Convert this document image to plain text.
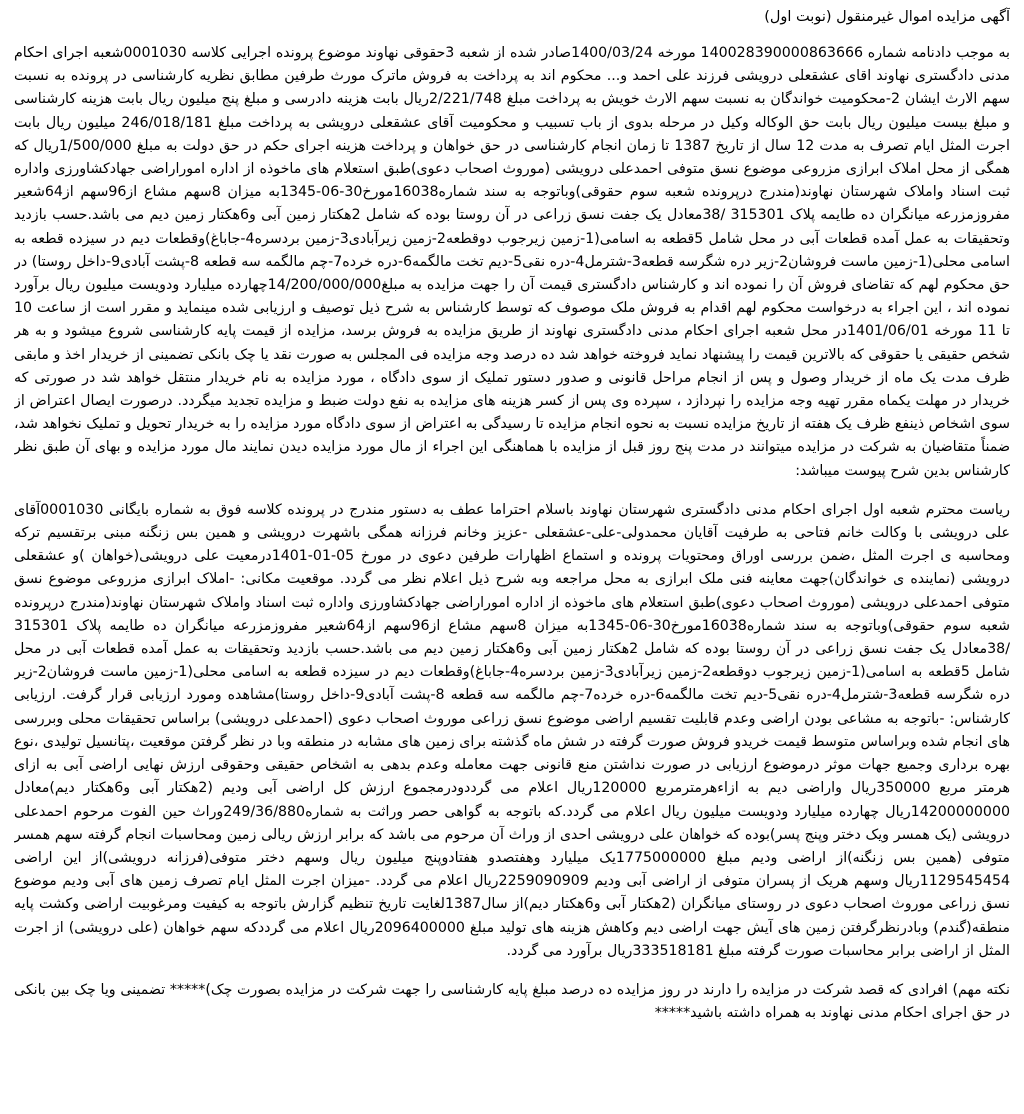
آگهی مزایده اموال غیرمنقول (نوبت اول)

به موجب دادنامه شماره 140028390000863666 مورخه 1400/03/24صادر شده از شعبه 3حقوقی نهاوند موضوع پرونده اجرایی کلاسه 0001030شعبه اجرای احکام مدنی دادگستری نهاوند اقای عشقعلی درویشی فرزند علی احمد و... محکوم اند به پرداخت به فروش ماترک مورث طرفین مطابق نظریه کارشناسی در پرونده به نسبت سهم الارث ایشان 2-محکومیت خواندگان به نسبت سهم الارث خویش به پرداخت مبلغ 2/221/748ریال بابت هزینه دادرسی و مبلغ پنج میلیون ریال بابت هزینه کارشناسی و مبلغ بیست میلیون ریال بابت حق الوکاله وکیل در مرحله بدوی از باب تسبیب و محکومیت آقای عشقعلی درویشی به پرداخت مبلغ 246/018/181 میلیون ریال بابت اجرت المثل ایام تصرف به مدت 12 سال از تاریخ 1387 تا زمان انجام کارشناسی در حق خواهان و پرداخت هزینه اجرای حکم در حق دولت به مبلغ 1/500/000ریال که همگی از محل املاک ابرازی مزروعی موضوع نسق متوفی احمدعلی درویشی (موروث اصحاب دعوی)طبق استعلام های ماخوذه از اداره اموراراضی جهادکشاورزی واداره ثبت اسناد واملاک شهرستان نهاوند(مندرج درپرونده شعبه سوم حقوقی)وباتوجه به سند شماره16038مورخ30-06-1345به میزان 8سهم مشاع از96سهم از64شعیر مفروزمزرعه میانگران ده طایمه پلاک 315301 /38معادل یک جفت نسق زراعی در آن روستا بوده که شامل 2هکتار زمین آبی و6هکتار زمین دیم می باشد.حسب بازدید وتحقیقات به عمل آمده قطعات آبی در محل شامل 5قطعه به اسامی(1-زمین زیرجوب دوقطعه2-زمین زیرآبادی3-زمین بردسره4-جاباغ)وقطعات دیم در سیزده قطعه به اسامی محلی(1-زمین ماست فروشان2-زیر دره شگرسه قطعه3-شترمل4-دره نقی5-دیم تخت مالگمه6-دره خرده7-چم مالگمه سه قطعه 8-پشت آبادی9-داخل روستا) در حق محکوم لهم که تقاضای فروش آن را نموده اند و کارشناس دادگستری قیمت آن را جهت مزایده به مبلغ14/200/000/000چهارده میلیارد ودویست میلیون ریال برآورد نموده اند ، این اجراء به درخواست محکوم لهم اقدام به فروش ملک موصوف که توسط کارشناس به شرح ذیل توصیف و ارزیابی شده مینماید و مقرر است از ساعت 10 تا 11 مورخه 1401/06/01در محل شعبه اجرای احکام مدنی دادگستری نهاوند از طریق مزایده به فروش برسد، مزایده از قیمت پایه کارشناسی شروع میشود و به هر شخص حقیقی یا حقوقی که بالاترین قیمت را پیشنهاد نماید فروخته خواهد شد ده درصد وجه مزایده فی المجلس به صورت نقد یا چک بانکی تضمینی از خریدار اخذ و مابقی ظرف مدت یک ماه از خریدار وصول و پس از انجام مراحل قانونی و صدور دستور تملیک از سوی دادگاه ، مورد مزایده به نام خریدار منتقل خواهد شد در صورتی که خریدار در مهلت یکماه مقرر تهیه وجه مزایده را نپردازد ، سپرده وی پس از کسر هزینه های مزایده به نفع دولت ضبط و مزایده تجدید میگردد. درصورت ایصال اعتراض از سوی اشخاص ذینفع ظرف یک هفته از تاریخ مزایده نسبت به نحوه انجام مزایده تا رسیدگی به اعتراض از سوی دادگاه مورد مزایده را به خریدار تحویل و تملیک نخواهد شد، ضمناً متقاضیان به شرکت در مزایده میتوانند در مدت پنج روز قبل از مزایده با هماهنگی این اجراء از مال مورد مزایده دیدن نمایند مال مورد مزایده و بهای آن طبق نظر کارشناس بدین شرح پیوست میباشد:

ریاست محترم شعبه اول اجرای احکام مدنی دادگستری شهرستان نهاوند باسلام احتراما عطف به دستور مندرج در پرونده کلاسه فوق به شماره بایگانی 0001030آقای علی درویشی با وکالت خانم فتاحی به طرفیت آقایان محمدولی-علی-عشقعلی -عزیز وخانم فرزانه همگی باشهرت درویشی و همین بس زنگنه مبنی برتقسیم ترکه ومحاسبه ی اجرت المثل ،ضمن بررسی اوراق ومحتویات پرونده و استماع اظهارات طرفین دعوی در مورخ 05-01-1401درمعیت علی درویشی(خواهان )و عشقعلی درویشی (نماینده ی خواندگان)جهت معاینه فنی ملک ابرازی به محل مراجعه وبه شرح ذیل اعلام نظر می گردد. موقعیت مکانی: -املاک ابرازی مزروعی موضوع نسق متوفی احمدعلی درویشی (موروث اصحاب دعوی)طبق استعلام های ماخوذه از اداره اموراراضی جهادکشاورزی واداره ثبت اسناد واملاک شهرستان نهاوند(مندرج درپرونده شعبه سوم حقوقی)وباتوجه به سند شماره16038مورخ30-06-1345به میزان 8سهم مشاع از96سهم از64شعیر مفروزمزرعه میانگران ده طایمه پلاک 315301 /38معادل یک جفت نسق زراعی در آن روستا بوده که شامل 2هکتار زمین آبی و6هکتار زمین دیم می باشد.حسب بازدید وتحقیقات به عمل آمده قطعات آبی در محل شامل 5قطعه به اسامی(1-زمین زیرجوب دوقطعه2-زمین زیرآبادی3-زمین بردسره4-جاباغ)وقطعات دیم در سیزده قطعه به اسامی محلی(1-زمین ماست فروشان2-زیر دره شگرسه قطعه3-شترمل4-دره نقی5-دیم تخت مالگمه6-دره خرده7-چم مالگمه سه قطعه 8-پشت آبادی9-داخل روستا)مشاهده ومورد ارزیابی قرار گرفت. ارزیابی کارشناس: -باتوجه به مشاعی بودن اراضی وعدم قابلیت تقسیم اراضی موضوع نسق زراعی موروث اصحاب دعوی (احمدعلی درویشی) براساس تحقیقات محلی وبررسی های انجام شده وبراساس متوسط قیمت خریدو فروش صورت گرفته در شش ماه گذشته برای زمین های مشابه در منطقه وبا در نظر گرفتن موقعیت ،پتانسیل تولیدی ،نوع بهره برداری وجمیع جهات موثر درموضوع ارزیابی در صورت نداشتن منع قانونی جهت معامله وعدم بدهی به اشخاص حقیقی وحقوقی ارزش نهایی اراضی آبی به ازای هرمتر مربع 350000ریال واراضی دیم به ازاءهرمترمربع 120000ریال اعلام می گرددودرمجموع ارزش کل اراضی آبی ودیم (2هکتار آبی و6هکتار دیم)معادل 14200000000ریال چهارده میلیارد ودویست میلیون ریال اعلام می گردد.که باتوجه به گواهی حصر وراثت به شماره249/36/880وراث حین الفوت مرحوم احمدعلی درویشی (یک همسر ویک دختر وپنج پسر)بوده که خواهان علی درویشی احدی از وراث آن مرحوم می باشد که برابر ارزش ریالی زمین ومحاسبات انجام گرفته سهم همسر متوفی (همین بس زنگنه)از اراضی ودیم مبلغ 1775000000یک میلیارد وهفتصدو هفتادوپنج میلیون ریال وسهم دختر متوفی(فرزانه درویشی)از این اراضی 1129545454ریال وسهم هریک از پسران متوفی از اراضی آبی ودیم 2259090909ریال اعلام می گردد. -میزان اجرت المثل ایام تصرف زمین های آبی ودیم موضوع نسق زراعی موروث اصحاب دعوی در روستای میانگران (2هکتار آبی و6هکتار دیم)از سال1387لغایت تاریخ تنظیم گزارش باتوجه به کیفیت ومرغوبیت اراضی وکشت پایه منطقه(گندم) وبادرنظرگرفتن زمین های آیش جهت اراضی دیم وکاهش هزینه های تولید مبلغ 2096400000ریال اعلام می گرددکه سهم خواهان (علی درویشی) از اجرت المثل از اراضی برابر محاسبات صورت گرفته مبلغ 333518181ریال برآورد می گردد.

نکته مهم) افرادی که قصد شرکت در مزایده را دارند در روز مزایده ده درصد مبلغ پایه کارشناسی را جهت شرکت در مزایده بصورت چک)***** تضمینی ویا چک بین بانکی در حق اجرای احکام مدنی نهاوند به همراه داشته باشید*****
